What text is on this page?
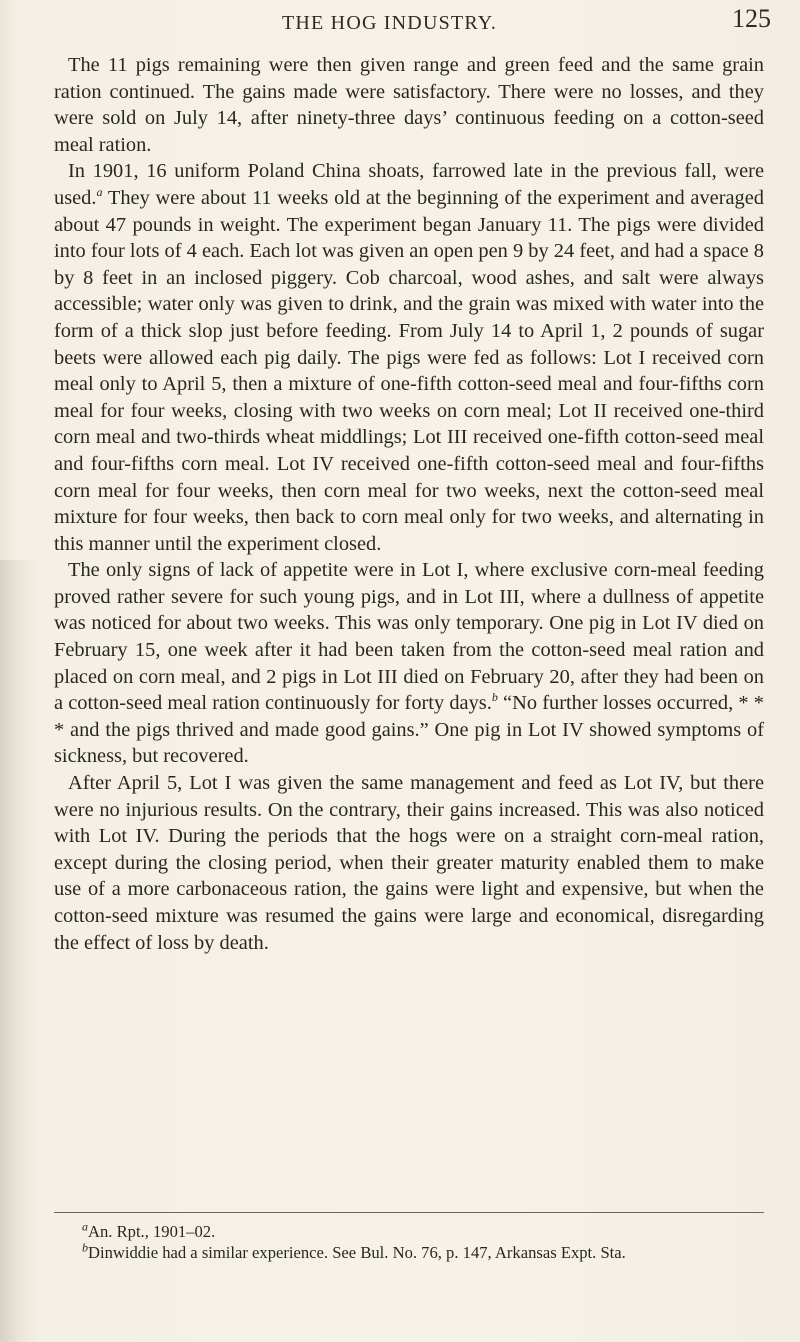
THE HOG INDUSTRY.	125

The 11 pigs remaining were then given range and green feed and the same grain ration continued. The gains made were satisfactory. There were no losses, and they were sold on July 14, after ninety-three days’ continuous feeding on a cotton-seed meal ration.

In 1901, 16 uniform Poland China shoats, farrowed late in the previous fall, were used.$^a$ They were about 11 weeks old at the beginning of the experiment and averaged about 47 pounds in weight. The experiment began January 11. The pigs were divided into four lots of 4 each. Each lot was given an open pen 9 by 24 feet, and had a space 8 by 8 feet in an inclosed piggery. Cob charcoal, wood ashes, and salt were always accessible; water only was given to drink, and the grain was mixed with water into the form of a thick slop just before feeding. From July 14 to April 1, 2 pounds of sugar beets were allowed each pig daily. The pigs were fed as follows: Lot I received corn meal only to April 5, then a mixture of one-fifth cotton-seed meal and four-fifths corn meal for four weeks, closing with two weeks on corn meal; Lot II received one-third corn meal and two-thirds wheat middlings; Lot III received one-fifth cotton-seed meal and four-fifths corn meal. Lot IV received one-fifth cotton-seed meal and four-fifths corn meal for four weeks, then corn meal for two weeks, next the cotton-seed meal mixture for four weeks, then back to corn meal only for two weeks, and alternating in this manner until the experiment closed.

The only signs of lack of appetite were in Lot I, where exclusive corn-meal feeding proved rather severe for such young pigs, and in Lot III, where a dullness of appetite was noticed for about two weeks. This was only temporary. One pig in Lot IV died on February 15, one week after it had been taken from the cotton-seed meal ration and placed on corn meal, and 2 pigs in Lot III died on February 20, after they had been on a cotton-seed meal ration continuously for forty days.$^b$ “No further losses occurred, * * * and the pigs thrived and made good gains.” One pig in Lot IV showed symptoms of sickness, but recovered.

After April 5, Lot I was given the same management and feed as Lot IV, but there were no injurious results. On the contrary, their gains increased. This was also noticed with Lot IV. During the periods that the hogs were on a straight corn-meal ration, except during the closing period, when their greater maturity enabled them to make use of a more carbonaceous ration, the gains were light and expensive, but when the cotton-seed mixture was resumed the gains were large and economical, disregarding the effect of loss by death.

$^a$An. Rpt., 1901–02.

$^b$Dinwiddie had a similar experience. See Bul. No. 76, p. 147, Arkansas Expt. Sta.
